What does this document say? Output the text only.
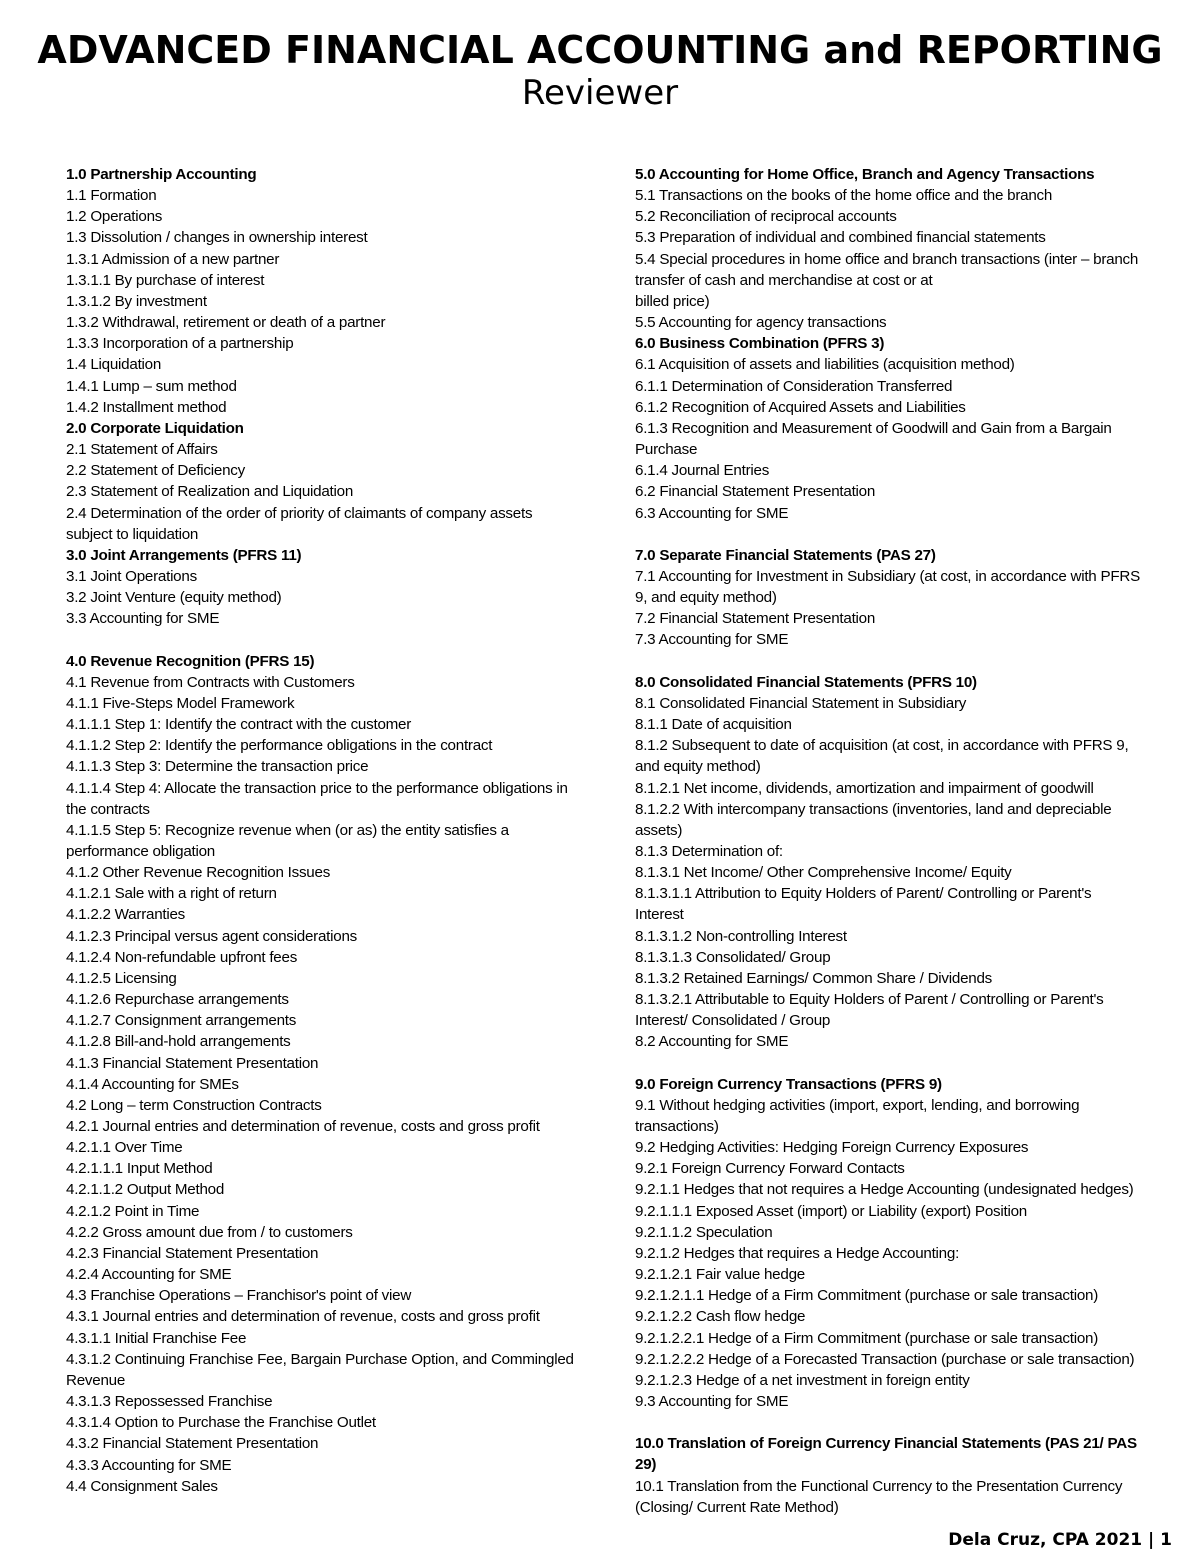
ADVANCED FINANCIAL ACCOUNTING and REPORTING
Reviewer
1.0 Partnership Accounting
1.1 Formation
1.2 Operations
1.3 Dissolution / changes in ownership interest
1.3.1 Admission of a new partner
1.3.1.1 By purchase of interest
1.3.1.2 By investment
1.3.2 Withdrawal, retirement or death of a partner
1.3.3 Incorporation of a partnership
1.4 Liquidation
1.4.1 Lump – sum method
1.4.2 Installment method
2.0 Corporate Liquidation
2.1 Statement of Affairs
2.2 Statement of Deficiency
2.3 Statement of Realization and Liquidation
2.4 Determination of the order of priority of claimants of company assets subject to liquidation
3.0 Joint Arrangements (PFRS 11)
3.1 Joint Operations
3.2 Joint Venture (equity method)
3.3 Accounting for SME
4.0 Revenue Recognition (PFRS 15)
4.1 Revenue from Contracts with Customers
4.1.1 Five-Steps Model Framework
4.1.1.1 Step 1: Identify the contract with the customer
4.1.1.2 Step 2: Identify the performance obligations in the contract
4.1.1.3 Step 3: Determine the transaction price
4.1.1.4 Step 4: Allocate the transaction price to the performance obligations in the contracts
4.1.1.5 Step 5: Recognize revenue when (or as) the entity satisfies a performance obligation
4.1.2 Other Revenue Recognition Issues
4.1.2.1 Sale with a right of return
4.1.2.2 Warranties
4.1.2.3 Principal versus agent considerations
4.1.2.4 Non-refundable upfront fees
4.1.2.5 Licensing
4.1.2.6 Repurchase arrangements
4.1.2.7 Consignment arrangements
4.1.2.8 Bill-and-hold arrangements
4.1.3 Financial Statement Presentation
4.1.4 Accounting for SMEs
4.2 Long – term Construction Contracts
4.2.1 Journal entries and determination of revenue, costs and gross profit
4.2.1.1 Over Time
4.2.1.1.1 Input Method
4.2.1.1.2 Output Method
4.2.1.2 Point in Time
4.2.2 Gross amount due from / to customers
4.2.3 Financial Statement Presentation
4.2.4 Accounting for SME
4.3 Franchise Operations – Franchisor's point of view
4.3.1 Journal entries and determination of revenue, costs and gross profit
4.3.1.1 Initial Franchise Fee
4.3.1.2 Continuing Franchise Fee, Bargain Purchase Option, and Commingled Revenue
4.3.1.3 Repossessed Franchise
4.3.1.4 Option to Purchase the Franchise Outlet
4.3.2 Financial Statement Presentation
4.3.3 Accounting for SME
4.4 Consignment Sales
5.0 Accounting for Home Office, Branch and Agency Transactions
5.1 Transactions on the books of the home office and the branch
5.2 Reconciliation of reciprocal accounts
5.3 Preparation of individual and combined financial statements
5.4 Special procedures in home office and branch transactions (inter – branch
transfer of cash and merchandise at cost or at
billed price)
5.5 Accounting for agency transactions
6.0 Business Combination (PFRS 3)
6.1 Acquisition of assets and liabilities (acquisition method)
6.1.1 Determination of Consideration Transferred
6.1.2 Recognition of Acquired Assets and Liabilities
6.1.3 Recognition and Measurement of Goodwill and Gain from a Bargain Purchase
6.1.4 Journal Entries
6.2 Financial Statement Presentation
6.3 Accounting for SME
7.0 Separate Financial Statements (PAS 27)
7.1 Accounting for Investment in Subsidiary (at cost, in accordance with PFRS 9, and equity method)
7.2 Financial Statement Presentation
7.3 Accounting for SME
8.0 Consolidated Financial Statements (PFRS 10)
8.1 Consolidated Financial Statement in Subsidiary
8.1.1 Date of acquisition
8.1.2 Subsequent to date of acquisition (at cost, in accordance with PFRS 9, and equity method)
8.1.2.1 Net income, dividends, amortization and impairment of goodwill
8.1.2.2 With intercompany transactions (inventories, land and depreciable assets)
8.1.3 Determination of:
8.1.3.1 Net Income/ Other Comprehensive Income/ Equity
8.1.3.1.1 Attribution to Equity Holders of Parent/ Controlling or Parent's Interest
8.1.3.1.2 Non-controlling Interest
8.1.3.1.3 Consolidated/ Group
8.1.3.2 Retained Earnings/ Common Share / Dividends
8.1.3.2.1 Attributable to Equity Holders of Parent / Controlling or Parent's Interest/ Consolidated / Group
8.2 Accounting for SME
9.0 Foreign Currency Transactions (PFRS 9)
9.1 Without hedging activities (import, export, lending, and borrowing transactions)
9.2 Hedging Activities: Hedging Foreign Currency Exposures
9.2.1 Foreign Currency Forward Contacts
9.2.1.1 Hedges that not requires a Hedge Accounting (undesignated hedges)
9.2.1.1.1 Exposed Asset (import) or Liability (export) Position
9.2.1.1.2 Speculation
9.2.1.2 Hedges that requires a Hedge Accounting:
9.2.1.2.1 Fair value hedge
9.2.1.2.1.1 Hedge of a Firm Commitment (purchase or sale transaction)
9.2.1.2.2 Cash flow hedge
9.2.1.2.2.1 Hedge of a Firm Commitment (purchase or sale transaction)
9.2.1.2.2.2 Hedge of a Forecasted Transaction (purchase or sale transaction)
9.2.1.2.3 Hedge of a net investment in foreign entity
9.3 Accounting for SME
10.0 Translation of Foreign Currency Financial Statements (PAS 21/ PAS 29)
10.1 Translation from the Functional Currency to the Presentation Currency (Closing/ Current Rate Method)
Dela Cruz, CPA 2021 | 1
